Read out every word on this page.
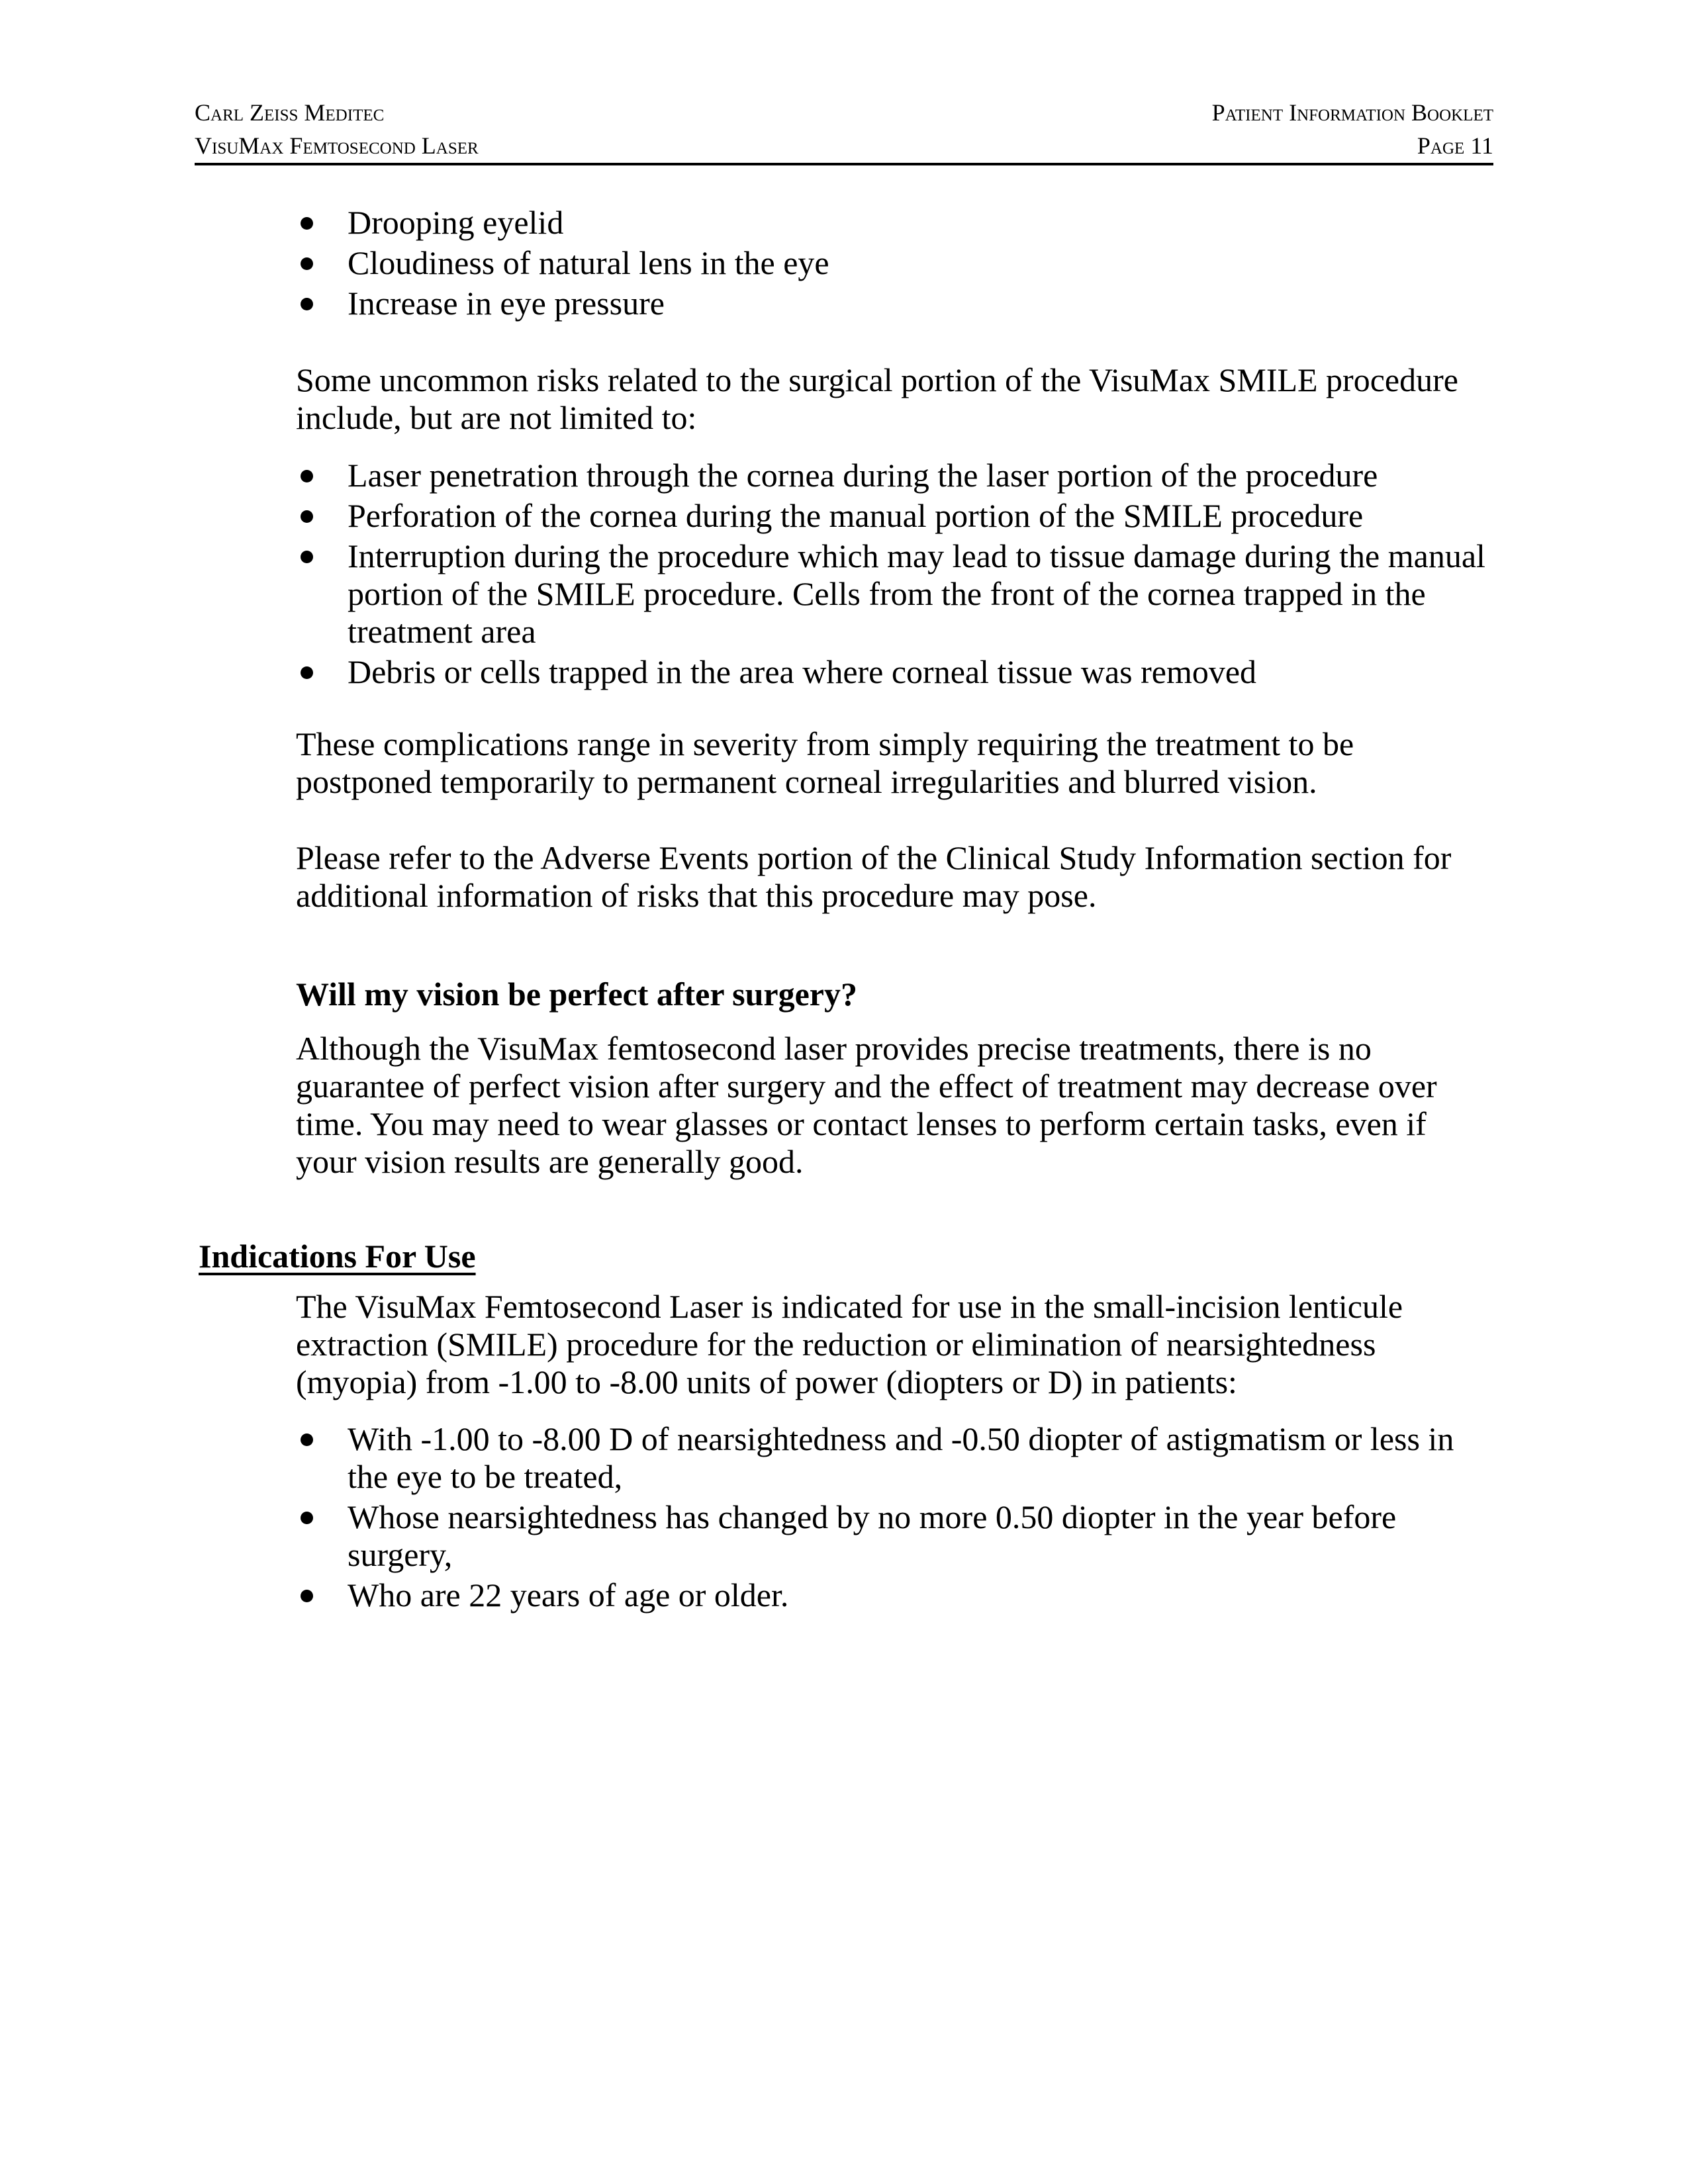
Carl Zeiss Meditec
VisuMax Femtosecond Laser
Patient Information Booklet
Page 11
Drooping eyelid
Cloudiness of natural lens in the eye
Increase in eye pressure

Some uncommon risks related to the surgical portion of the VisuMax SMILE procedure include, but are not limited to:

Laser penetration through the cornea during the laser portion of the procedure
Perforation of the cornea during the manual portion of the SMILE procedure
Interruption during the procedure which may lead to tissue damage during the manual portion of the SMILE procedure. Cells from the front of the cornea trapped in the treatment area
Debris or cells trapped in the area where corneal tissue was removed

These complications range in severity from simply requiring the treatment to be postponed temporarily to permanent corneal irregularities and blurred vision.

Please refer to the Adverse Events portion of the Clinical Study Information section for additional information of risks that this procedure may pose.

Will my vision be perfect after surgery?

Although the VisuMax femtosecond laser provides precise treatments, there is no guarantee of perfect vision after surgery and the effect of treatment may decrease over time. You may need to wear glasses or contact lenses to perform certain tasks, even if your vision results are generally good.

Indications For Use

The VisuMax Femtosecond Laser is indicated for use in the small-incision lenticule extraction (SMILE) procedure for the reduction or elimination of nearsightedness (myopia) from -1.00 to -8.00 units of power (diopters or D) in patients:

With -1.00 to -8.00 D of nearsightedness and -0.50 diopter of astigmatism or less in the eye to be treated,
Whose nearsightedness has changed by no more 0.50 diopter in the year before surgery,
Who are 22 years of age or older.
